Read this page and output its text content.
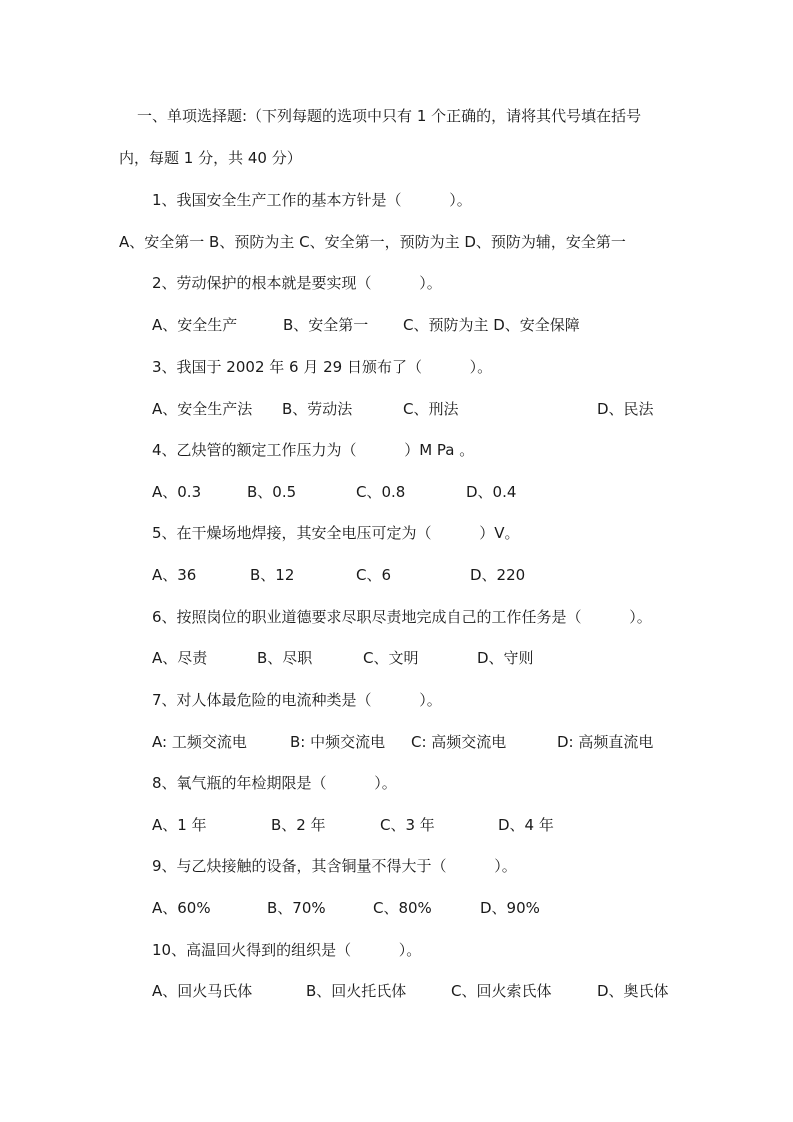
一、单项选择题:（下列每题的选项中只有 1 个正确的，请将其代号填在括号

内，每题 1 分，共 40 分）

1、我国安全生产工作的基本方针是（          ）。

A、安全第一 B、预防为主 C、安全第一，预防为主 D、预防为辅，安全第一

2、劳动保护的根本就是要实现（          ）。

A、安全生产	B、安全第一 C、预防为主 D、安全保障

3、我国于 2002 年 6 月 29 日颁布了（          ）。

A、安全生产法 B、劳动法	C、刑法	D、民法

4、乙炔管的额定工作压力为（          ）M Pa 。

A、0.3	B、0.5	C、0.8	D、0.4

5、在干燥场地焊接，其安全电压可定为（          ）V。

A、36	B、12	C、6	D、220

6、按照岗位的职业道德要求尽职尽责地完成自己的工作任务是（          ）。

A、尽责	B、尽职	C、文明	D、守则

7、对人体最危险的电流种类是（          ）。

A: 工频交流电	B: 中频交流电 C: 高频交流电	D: 高频直流电

8、氧气瓶的年检期限是（          ）。

A、1 年	B、2 年	C、3 年	D、4 年

9、与乙炔接触的设备，其含铜量不得大于（          ）。

A、60%	B、70%	C、80%	D、90%

10、高温回火得到的组织是（          ）。

A、回火马氏体	B、回火托氏体	C、回火索氏体	D、奥氏体
